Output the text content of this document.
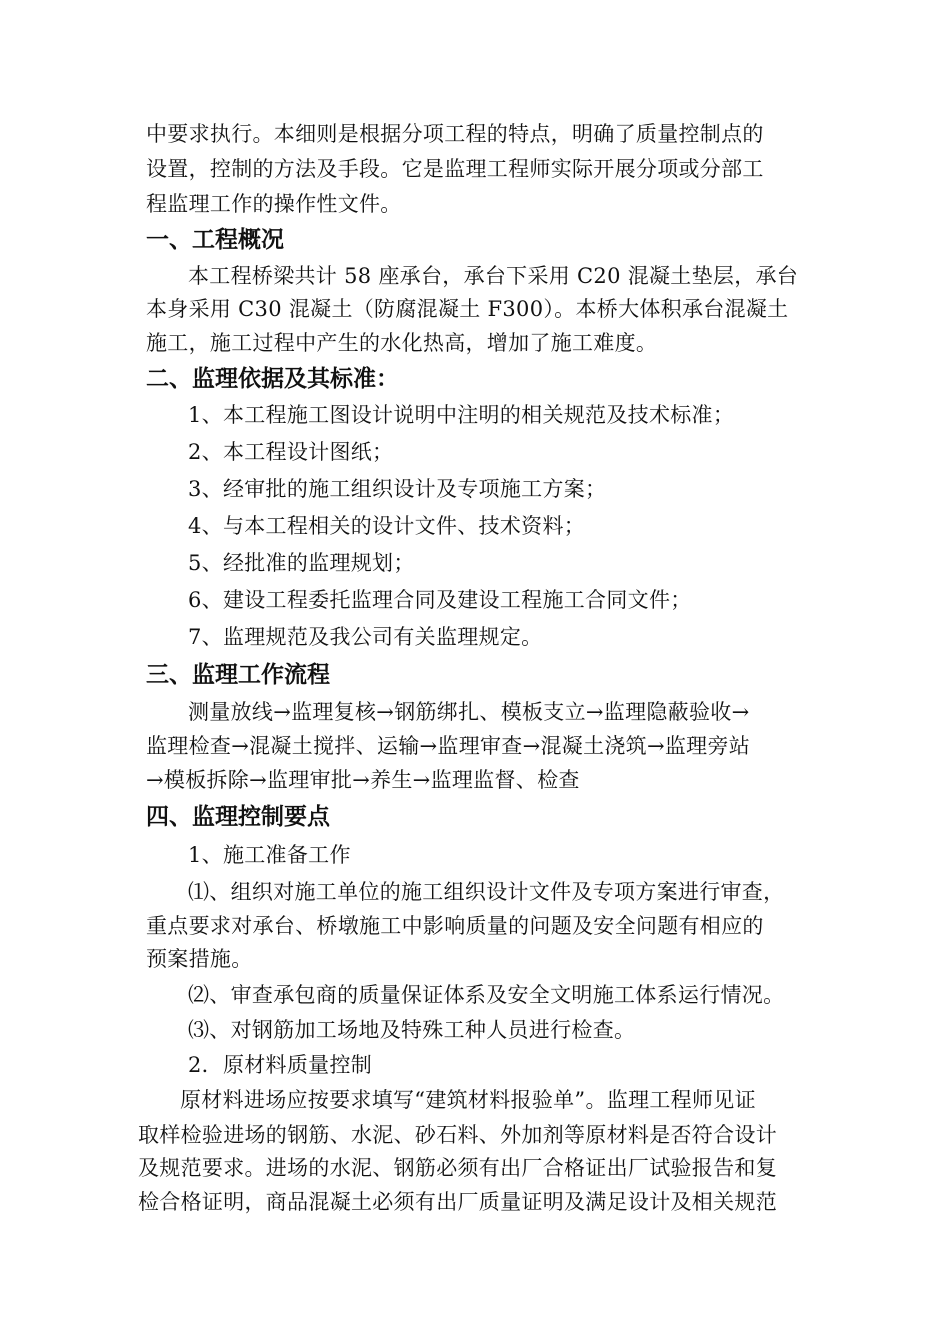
中要求执行。本细则是根据分项工程的特点，明确了质量控制点的
设置，控制的方法及手段。它是监理工程师实际开展分项或分部工
程监理工作的操作性文件。
一、工程概况
本工程桥梁共计 58 座承台，承台下采用 C20 混凝土垫层，承台
本身采用 C30 混凝土（防腐混凝土 F300）。本桥大体积承台混凝土
施工，施工过程中产生的水化热高，增加了施工难度。
二、监理依据及其标准：
1、本工程施工图设计说明中注明的相关规范及技术标准；
2、本工程设计图纸；
3、经审批的施工组织设计及专项施工方案；
4、与本工程相关的设计文件、技术资料；
5、经批准的监理规划；
6、建设工程委托监理合同及建设工程施工合同文件；
7、监理规范及我公司有关监理规定。
三、监理工作流程
测量放线→监理复核→钢筋绑扎、模板支立→监理隐蔽验收→
监理检查→混凝土搅拌、运输→监理审查→混凝土浇筑→监理旁站
→模板拆除→监理审批→养生→监理监督、检查
四、监理控制要点
1、施工准备工作
⑴、组织对施工单位的施工组织设计文件及专项方案进行审查，
重点要求对承台、桥墩施工中影响质量的问题及安全问题有相应的
预案措施。
⑵、审查承包商的质量保证体系及安全文明施工体系运行情况。
⑶、对钢筋加工场地及特殊工种人员进行检查。
2．原材料质量控制
原材料进场应按要求填写“建筑材料报验单”。监理工程师见证
取样检验进场的钢筋、水泥、砂石料、外加剂等原材料是否符合设计
及规范要求。进场的水泥、钢筋必须有出厂合格证出厂试验报告和复
检合格证明，商品混凝土必须有出厂质量证明及满足设计及相关规范
